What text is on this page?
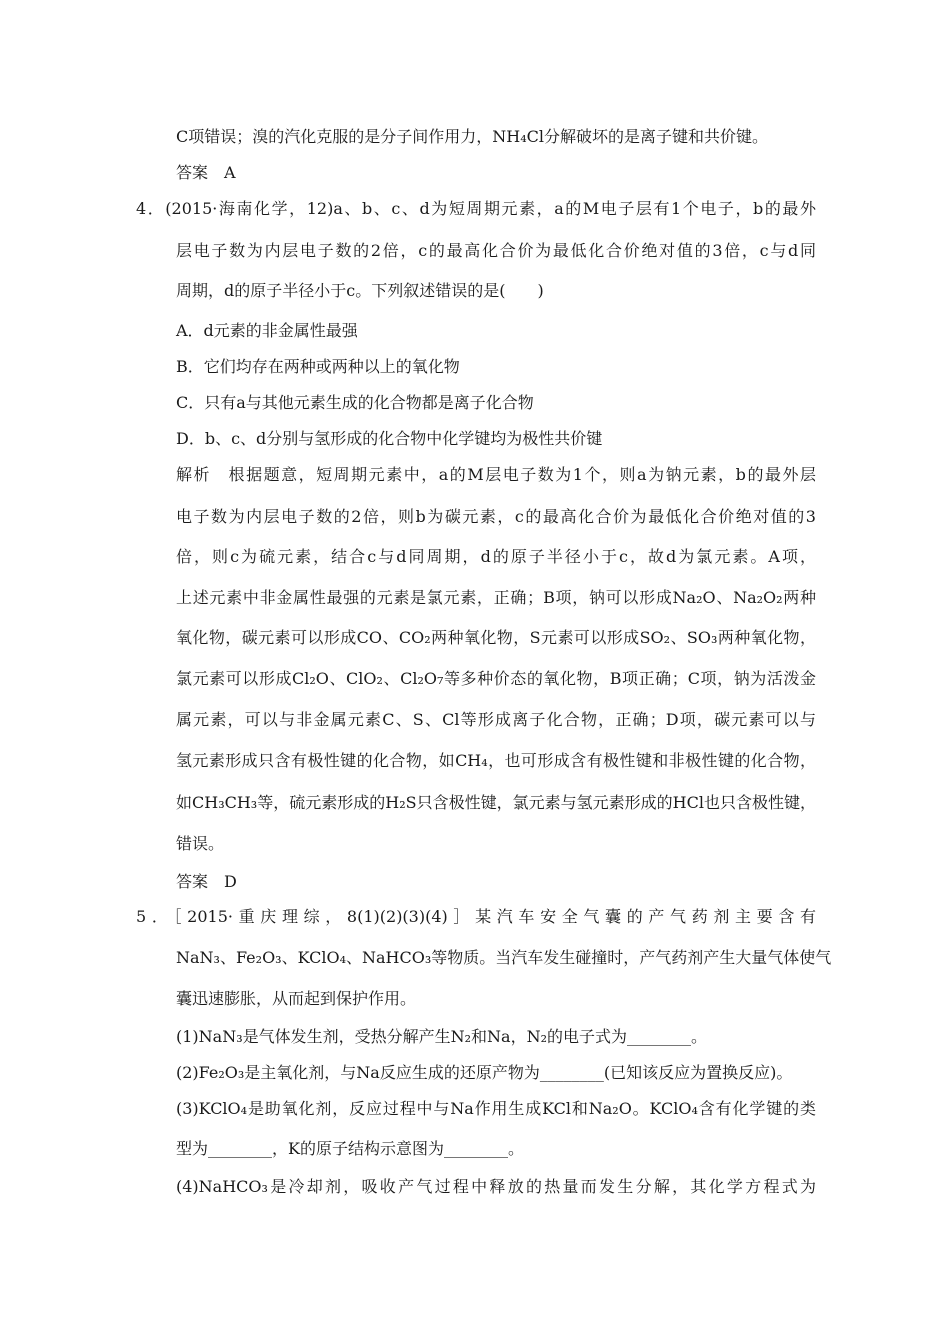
C项错误；溴的汽化克服的是分子间作用力，NH₄Cl分解破坏的是离子键和共价键。
答案　A
4．(2015·海南化学，12)a、b、c、d为短周期元素，a的M电子层有1个电子，b的最外
层电子数为内层电子数的2倍，c的最高化合价为最低化合价绝对值的3倍，c与d同
周期，d的原子半径小于c。下列叙述错误的是(　　)
A．d元素的非金属性最强
B．它们均存在两种或两种以上的氧化物
C．只有a与其他元素生成的化合物都是离子化合物
D．b、c、d分别与氢形成的化合物中化学键均为极性共价键
解析　根据题意，短周期元素中，a的M层电子数为1个，则a为钠元素，b的最外层
电子数为内层电子数的2倍，则b为碳元素，c的最高化合价为最低化合价绝对值的3
倍，则c为硫元素，结合c与d同周期，d的原子半径小于c，故d为氯元素。A项，
上述元素中非金属性最强的元素是氯元素，正确；B项，钠可以形成Na₂O、Na₂O₂两种
氧化物，碳元素可以形成CO、CO₂两种氧化物，S元素可以形成SO₂、SO₃两种氧化物，
氯元素可以形成Cl₂O、ClO₂、Cl₂O₇等多种价态的氧化物，B项正确；C项，钠为活泼金
属元素，可以与非金属元素C、S、Cl等形成离子化合物，正确；D项，碳元素可以与
氢元素形成只含有极性键的化合物，如CH₄，也可形成含有极性键和非极性键的化合物，
如CH₃CH₃等，硫元素形成的H₂S只含极性键，氯元素与氢元素形成的HCl也只含极性键，
错误。
答案　D
5．［2015·重庆理综，8(1)(2)(3)(4)］某汽车安全气囊的产气药剂主要含有
NaN₃、Fe₂O₃、KClO₄、NaHCO₃等物质。当汽车发生碰撞时，产气药剂产生大量气体使气
囊迅速膨胀，从而起到保护作用。
(1)NaN₃是气体发生剂，受热分解产生N₂和Na，N₂的电子式为________。
(2)Fe₂O₃是主氧化剂，与Na反应生成的还原产物为________(已知该反应为置换反应)。
(3)KClO₄是助氧化剂，反应过程中与Na作用生成KCl和Na₂O。KClO₄含有化学键的类
型为________，K的原子结构示意图为________。
(4)NaHCO₃是冷却剂，吸收产气过程中释放的热量而发生分解，其化学方程式为
